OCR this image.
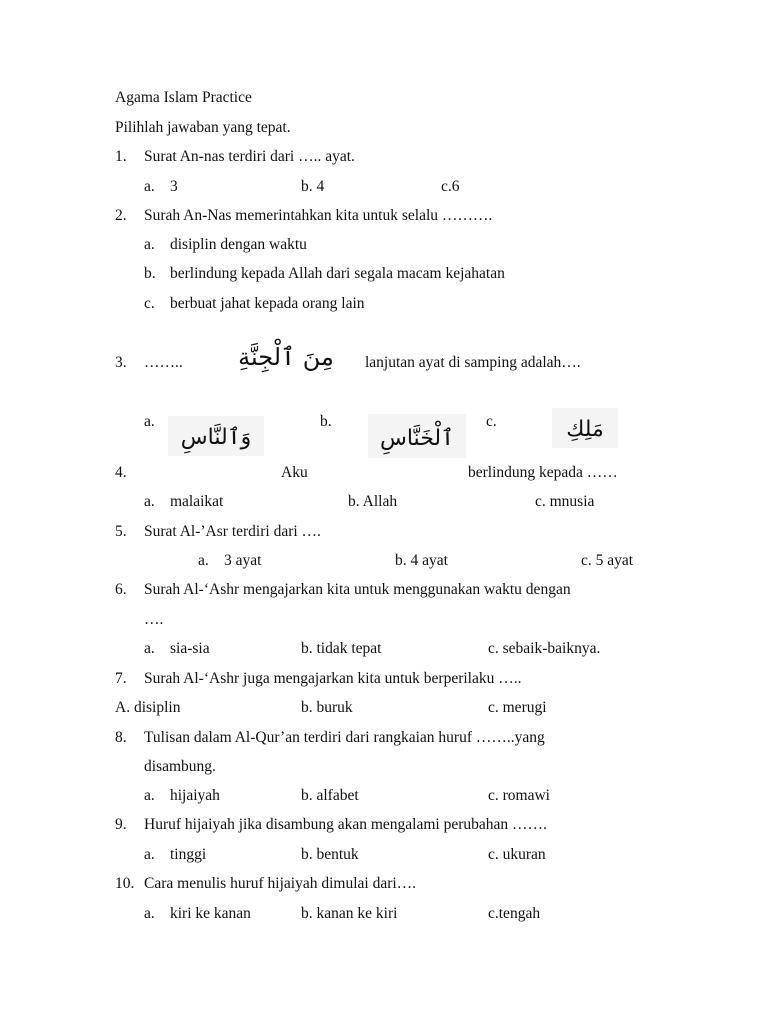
Agama Islam Practice
Pilihlah jawaban yang tepat.
1. Surat An-nas terdiri dari ….. ayat.
a. 3	b. 4	c.6
2. Surah An-Nas memerintahkan kita untuk selalu ……….
a. disiplin dengan waktu
b. berlindung kepada Allah dari segala macam kejahatan
c. berbuat jahat kepada orang lain
3. …….. مِنَ ٱلْجِنَّةِ lanjutan ayat di samping adalah….
a.
وَٱلنَّاسِ
b.
ٱلْخَنَّاسِ
c.	مَلِكِ
4.	Aku	berlindung kepada ……
a. malaikat	b. Allah	c. mnusia
5. Surat Al-’Asr terdiri dari ….
a. 3 ayat	b. 4 ayat	c. 5 ayat
6. Surah Al-‘Ashr mengajarkan kita untuk menggunakan waktu dengan
….
a. sia-sia	b. tidak tepat	c. sebaik-baiknya.
7. Surah Al-‘Ashr juga mengajarkan kita untuk berperilaku …..
A. disiplin	b. buruk	c. merugi
8. Tulisan dalam Al-Qur’an terdiri dari rangkaian huruf ……..yang
disambung.
a. hijaiyah	b. alfabet	c. romawi
9. Huruf hijaiyah jika disambung akan mengalami perubahan …….
a. tinggi	b. bentuk	c. ukuran
10. Cara menulis huruf hijaiyah dimulai dari….
a. kiri ke kanan	b. kanan ke kiri	c.tengah
